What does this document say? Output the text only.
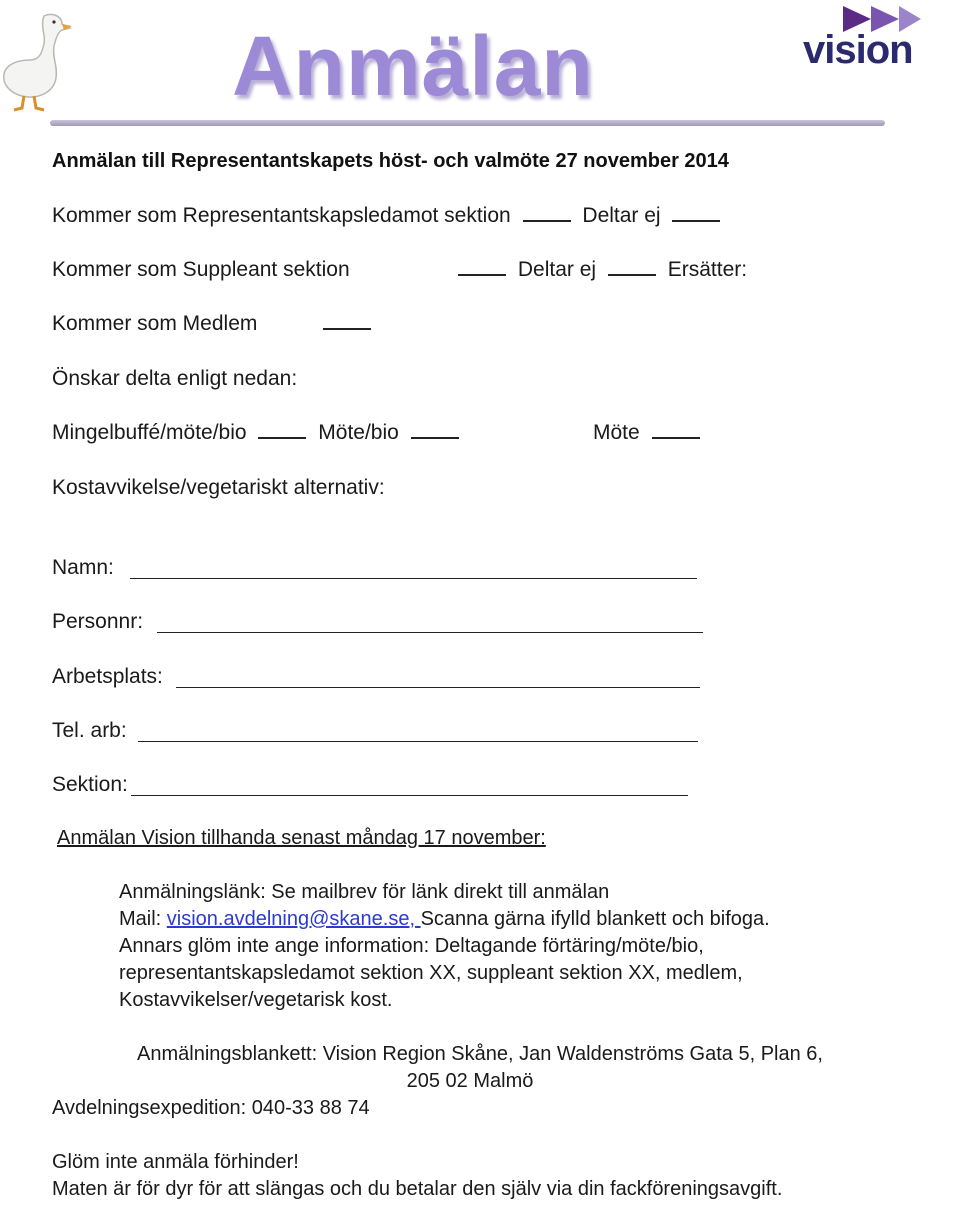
Anmälan	vision
Anmälan till Representantskapets höst- och valmöte 27 november 2014
Kommer som Representantskapsledamot sektion	Deltar ej
Kommer som Suppleant sektion	Deltar ej	Ersätter:
Kommer som Medlem
Önskar delta enligt nedan:
Mingelbuffé/möte/bio	Möte/bio	Möte
Kostavvikelse/vegetariskt alternativ:
Namn:
Personnr:
Arbetsplats:
Tel. arb:
Sektion:
Anmälan Vision tillhanda senast måndag 17 november:
Anmälningslänk: Se mailbrev för länk direkt till anmälan
Mail: vision.avdelning@skane.se, Scanna gärna ifylld blankett och bifoga.
Annars glöm inte ange information: Deltagande förtäring/möte/bio,
representantskapsledamot sektion XX, suppleant sektion XX, medlem,
Kostavvikelser/vegetarisk kost.
Anmälningsblankett: Vision Region Skåne, Jan Waldenströms Gata 5, Plan 6,
205 02 Malmö
Avdelningsexpedition: 040-33 88 74
Glöm inte anmäla förhinder!
Maten är för dyr för att slängas och du betalar den själv via din fackföreningsavgift.
